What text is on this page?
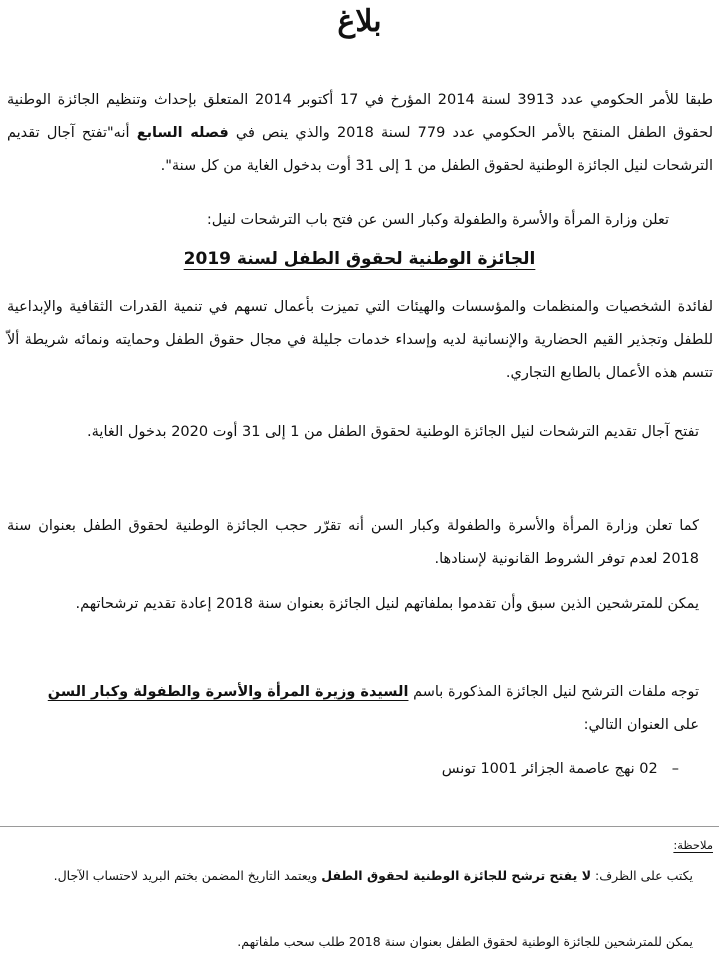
بلاغ

طبقا للأمر الحكومي عدد 3913 لسنة 2014 المؤرخ في 17 أكتوبر 2014 المتعلق بإحداث وتنظيم الجائزة الوطنية لحقوق الطفل المنقح بالأمر الحكومي عدد 779 لسنة 2018 والذي ينص في فصله السابع أنه"تفتح آجال تقديم الترشحات لنيل الجائزة الوطنية لحقوق الطفل من 1 إلى 31 أوت بدخول الغاية من كل سنة".

تعلن وزارة المرأة والأسرة والطفولة وكبار السن عن فتح باب الترشحات لنيل:

الجائزة الوطنية لحقوق الطفل لسنة 2019

لفائدة الشخصيات والمنظمات والمؤسسات والهيئات التي تميزت بأعمال تسهم في تنمية القدرات الثقافية والإبداعية للطفل وتجذير القيم الحضارية والإنسانية لديه وإسداء خدمات جليلة في مجال حقوق الطفل وحمايته ونمائه شريطة ألاّ تتسم هذه الأعمال بالطابع التجاري.

تفتح آجال تقديم الترشحات لنيل الجائزة الوطنية لحقوق الطفل من 1 إلى 31 أوت 2020 بدخول الغاية.

كما تعلن وزارة المرأة والأسرة والطفولة وكبار السن أنه تقرّر حجب الجائزة الوطنية لحقوق الطفل بعنوان سنة 2018 لعدم توفر الشروط القانونية لإسنادها.

يمكن للمترشحين الذين سبق وأن تقدموا بملفاتهم لنيل الجائزة بعنوان سنة 2018 إعادة تقديم ترشحاتهم.

توجه ملفات الترشح لنيل الجائزة المذكورة باسم السيدة وزيرة المرأة والأسرة والطفولة وكبار السن
على العنوان التالي:

–02 نهج عاصمة الجزائر 1001 تونس
ملاحظة:

يكتب على الظرف: لا يفتح ترشح للجائزة الوطنية لحقوق الطفل ويعتمد التاريخ المضمن بختم البريد لاحتساب الآجال.

يمكن للمترشحين للجائزة الوطنية لحقوق الطفل بعنوان سنة 2018 طلب سحب ملفاتهم.
